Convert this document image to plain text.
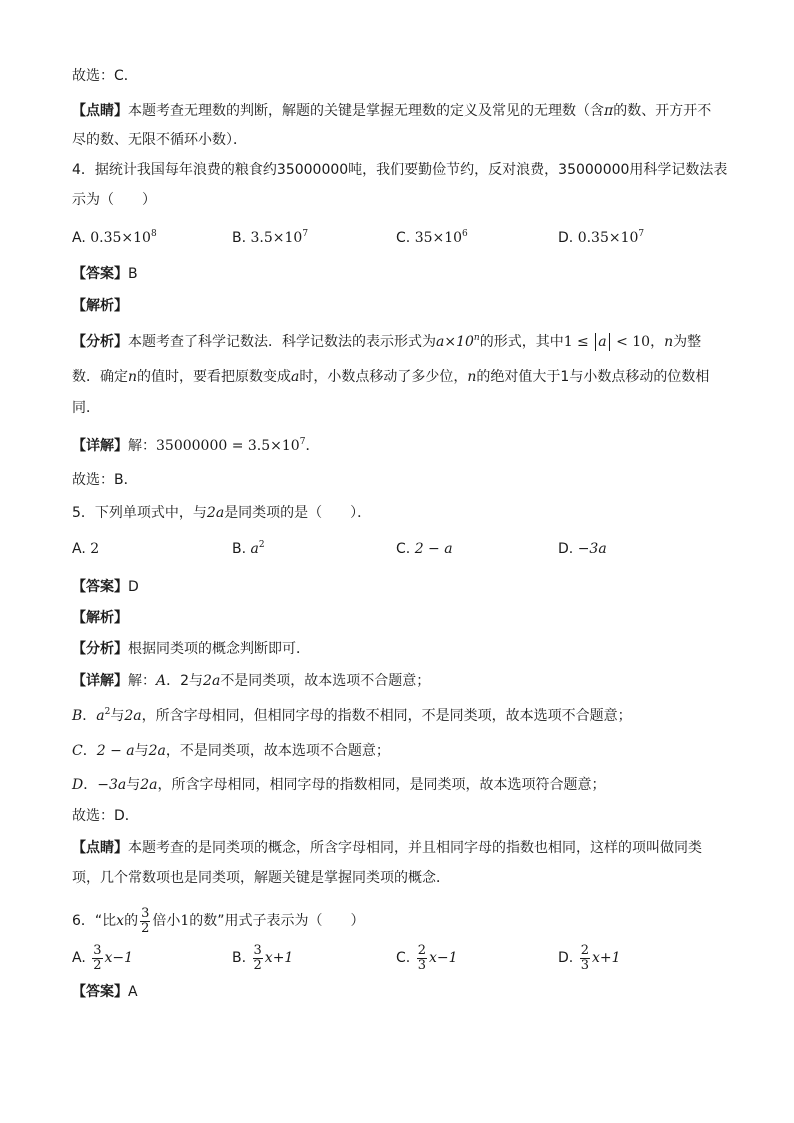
故选：C．
【点睛】本题考查无理数的判断，解题的关键是掌握无理数的定义及常见的无理数（含π的数、开方开不
尽的数、无限不循环小数）．
4．据统计我国每年浪费的粮食约35000000吨，我们要勤俭节约，反对浪费，35000000用科学记数法表
示为（　　）
A. $0.35\times 10^8$	B. $3.5\times 10^7$	C. $35\times 10^6$	D. $0.35\times 10^7$
【答案】B
【解析】
【分析】本题考查了科学记数法．科学记数法的表示形式为$a\times 10^n$的形式，其中1 ≤ a < 10，n为整
数．确定n的值时，要看把原数变成a时，小数点移动了多少位，n的绝对值大于1与小数点移动的位数相
同．
【详解】解：$35000000 = 3.5\times 10^7$．
故选：B．
5．下列单项式中，与2a是同类项的是（　　）．
A. 2	B. $a^2$	C. 2 − a	D. −3a
【答案】D
【解析】
【分析】根据同类项的概念判断即可．
【详解】解：A．2与2a不是同类项，故本选项不合题意；
B．$a^2$与2a，所含字母相同，但相同字母的指数不相同，不是同类项，故本选项不合题意；
C．2 − a与2a，不是同类项，故本选项不合题意；
D．−3a与2a，所含字母相同，相同字母的指数相同，是同类项，故本选项符合题意；
故选：D．
【点睛】本题考查的是同类项的概念，所含字母相同，并且相同字母的指数也相同，这样的项叫做同类
项，几个常数项也是同类项，解题关键是掌握同类项的概念．
6．“比x的 $\frac{3}{2}$ 倍小1的数”用式子表示为（　　）
A. $\frac{3}{2} x-1$	B. $\frac{3}{2} x+1$	C. $\frac{2}{3} x-1$	D. $\frac{2}{3} x+1$
【答案】A
